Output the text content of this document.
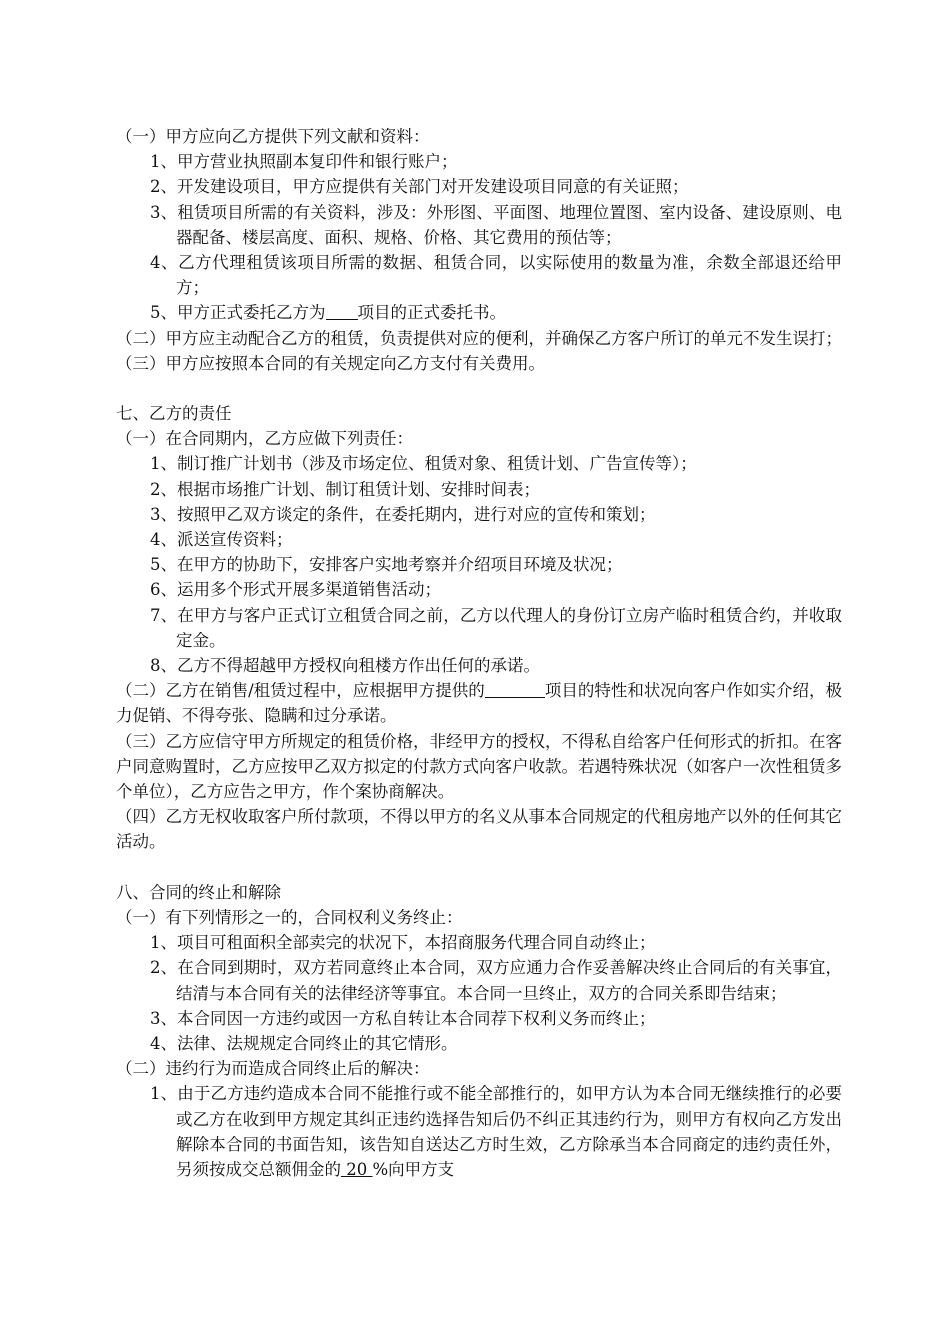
（一）甲方应向乙方提供下列文献和资料：

1、甲方营业执照副本复印件和银行账户；

2、开发建设项目，甲方应提供有关部门对开发建设项目同意的有关证照；

3、租赁项目所需的有关资料，涉及：外形图、平面图、地理位置图、室内设备、建设原则、电器配备、楼层高度、面积、规格、价格、其它费用的预估等；

4、乙方代理租赁该项目所需的数据、租赁合同，以实际使用的数量为准，余数全部退还给甲方；

5、甲方正式委托乙方为 项目的正式委托书。

（二）甲方应主动配合乙方的租赁，负责提供对应的便利，并确保乙方客户所订的单元不发生误打；

（三）甲方应按照本合同的有关规定向乙方支付有关费用。

七、乙方的责任

（一）在合同期内，乙方应做下列责任：

1、制订推广计划书（涉及市场定位、租赁对象、租赁计划、广告宣传等）；

2、根据市场推广计划、制订租赁计划、安排时间表；

3、按照甲乙双方谈定的条件，在委托期内，进行对应的宣传和策划；

4、派送宣传资料；

5、在甲方的协助下，安排客户实地考察并介绍项目环境及状况；

6、运用多个形式开展多渠道销售活动；

7、在甲方与客户正式订立租赁合同之前，乙方以代理人的身份订立房产临时租赁合约，并收取定金。

8、乙方不得超越甲方授权向租楼方作出任何的承诺。

（二）乙方在销售/租赁过程中，应根据甲方提供的	项目的特性和状况向客户作如实介绍，极力促销、不得夸张、隐瞒和过分承诺。

（三）乙方应信守甲方所规定的租赁价格，非经甲方的授权，不得私自给客户任何形式的折扣。在客户同意购置时，乙方应按甲乙双方拟定的付款方式向客户收款。若遇特殊状况（如客户一次性租赁多个单位），乙方应告之甲方，作个案协商解决。

（四）乙方无权收取客户所付款项，不得以甲方的名义从事本合同规定的代租房地产以外的任何其它活动。

八、合同的终止和解除

（一）有下列情形之一的，合同权利义务终止：

1、项目可租面积全部卖完的状况下，本招商服务代理合同自动终止；

2、在合同到期时，双方若同意终止本合同，双方应通力合作妥善解决终止合同后的有关事宜，结清与本合同有关的法律经济等事宜。本合同一旦终止，双方的合同关系即告结束；

3、本合同因一方违约或因一方私自转让本合同荐下权利义务而终止；

4、法律、法规规定合同终止的其它情形。

（二）违约行为而造成合同终止后的解决：

1、由于乙方违约造成本合同不能推行或不能全部推行的，如甲方认为本合同无继续推行的必要或乙方在收到甲方规定其纠正违约选择告知后仍不纠正其违约行为，则甲方有权向乙方发出解除本合同的书面告知，该告知自送达乙方时生效，乙方除承当本合同商定的违约责任外，另须按成交总额佣金的 20 %向甲方支
